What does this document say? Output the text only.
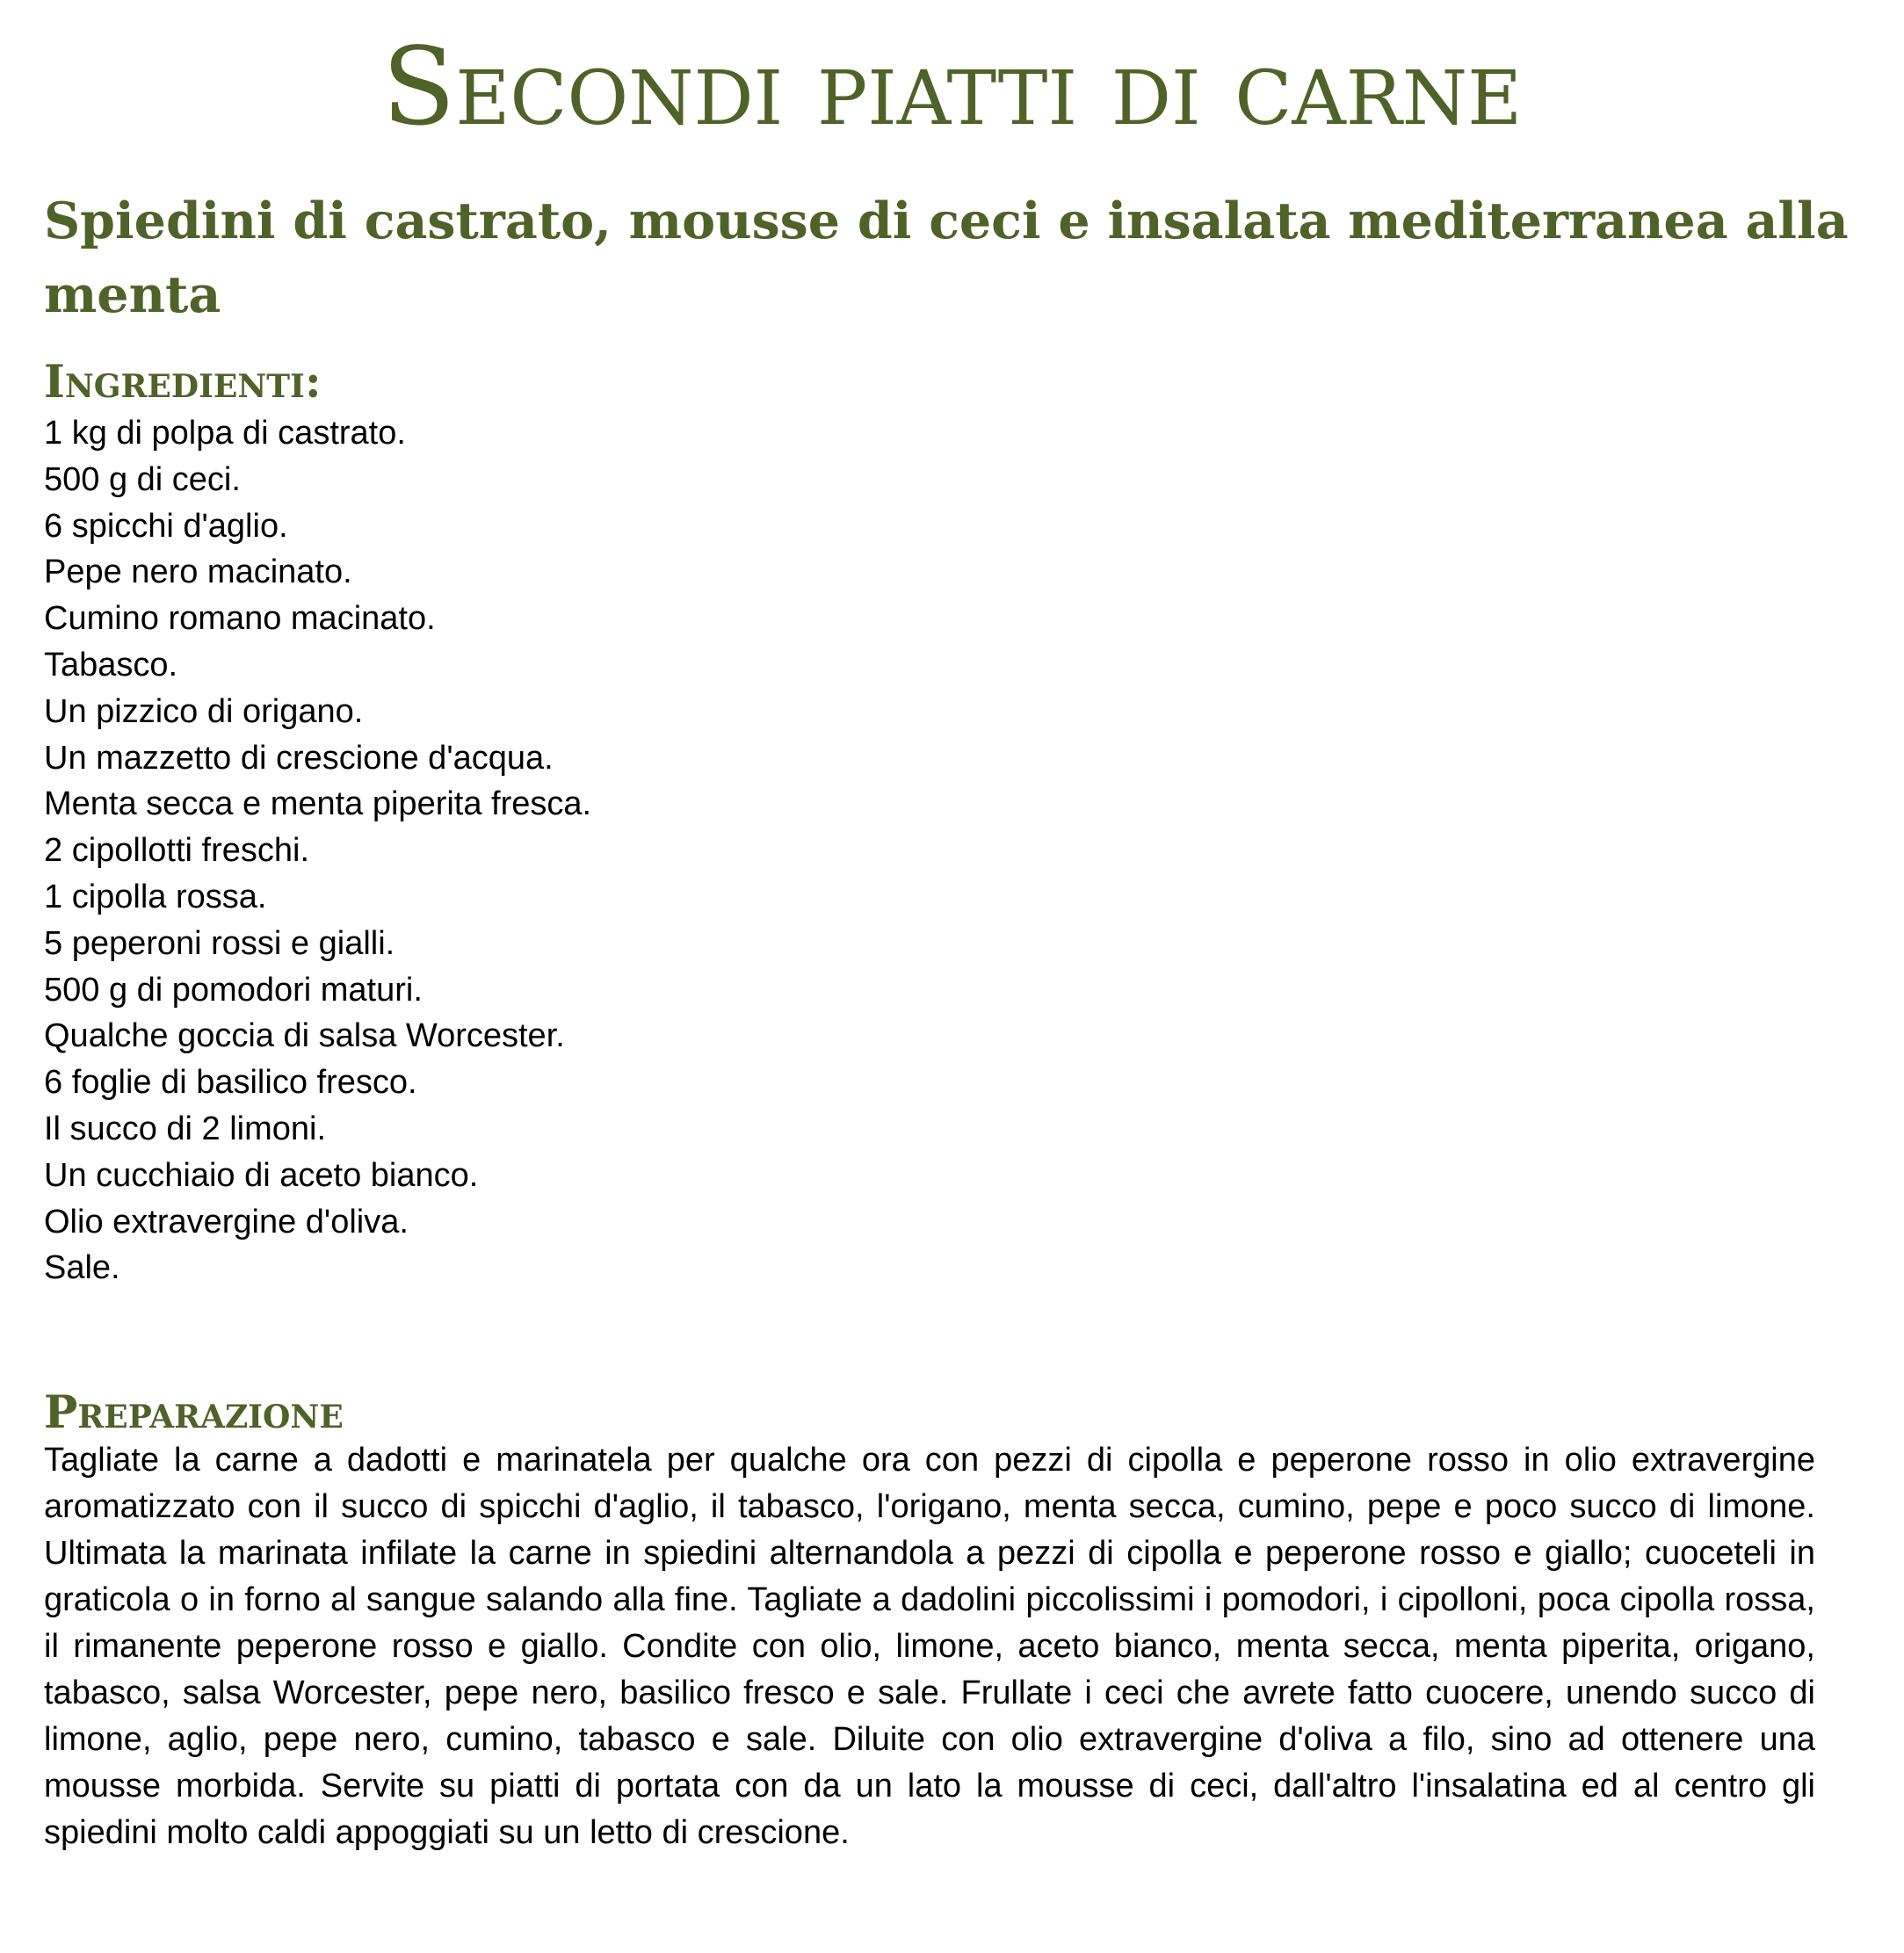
Secondi piatti di carne
Spiedini di castrato, mousse di ceci e insalata mediterranea alla menta
Ingredienti:
1 kg di polpa di castrato.
500 g di ceci.
6 spicchi d'aglio.
Pepe nero macinato.
Cumino romano macinato.
Tabasco.
Un pizzico di origano.
Un mazzetto di crescione d'acqua.
Menta secca e menta piperita fresca.
2 cipollotti freschi.
1 cipolla rossa.
5 peperoni rossi e gialli.
500 g di pomodori maturi.
Qualche goccia di salsa Worcester.
6 foglie di basilico fresco.
Il succo di 2 limoni.
Un cucchiaio di aceto bianco.
Olio extravergine d'oliva.
Sale.
Preparazione

Tagliate la carne a dadotti e marinatela per qualche ora con pezzi di cipolla e peperone rosso in olio extravergine aromatizzato con il succo di spicchi d'aglio, il tabasco, l'origano, menta secca, cumino, pepe e poco succo di limone. Ultimata la marinata infilate la carne in spiedini alternandola a pezzi di cipolla e peperone rosso e giallo; cuoceteli in graticola o in forno al sangue salando alla fine. Tagliate a dadolini piccolissimi i pomodori, i cipolloni, poca cipolla rossa, il rimanente peperone rosso e giallo. Condite con olio, limone, aceto bianco, menta secca, menta piperita, origano, tabasco, salsa Worcester, pepe nero, basilico fresco e sale. Frullate i ceci che avrete fatto cuocere, unendo succo di limone, aglio, pepe nero, cumino, tabasco e sale. Diluite con olio extravergine d'oliva a filo, sino ad ottenere una mousse morbida. Servite su piatti di portata con da un lato la mousse di ceci, dall'altro l'insalatina ed al centro gli spiedini molto caldi appoggiati su un letto di crescione.
